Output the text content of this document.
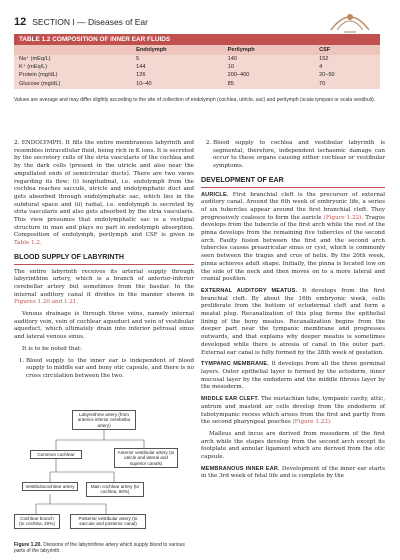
12 SECTION I — Diseases of Ear
TABLE 1.2 COMPOSITION OF INNER EAR FLUIDS
	Endolymph	Perilymph	CSF
Na⁺ (mEq/L)	5	140	152
K⁺ (mEq/L)	144	10	4
Protein (mg/dL)	126	200–400	20–50
Glucose (mg/dL)	10–40	85	70
Values are average and may differ slightly according to the site of collection of endolymph (cochlea, utricle, sac) and perilymph (scala tympani or scala vestibuli).

2. ENDOLYMPH. It fills the entire membranous labyrinth and resembles intracellular fluid, being rich in K ions. It is secreted by the secretory cells of the stria vascularis of the cochlea and by the dark cells (present in the utricle and also near the ampullated ends of semicircular ducts). There are two views regarding its flow: (i) longitudinal, i.e. endolymph from the cochlea reaches saccule, utricle and endolymphatic duct and gets absorbed through endolymphatic sac, which lies in the subdural space and (ii) radial, i.e. endolymph is secreted by stria vascularis and also gets absorbed by the stria vascularis. This view presumes that endolymphatic sac is a vestigial structure in man and plays no part in endolymph absorption. Composition of endolymph, perilymph and CSF is given in Table 1.2.

BLOOD SUPPLY OF LABYRINTH

The entire labyrinth receives its arterial supply through labyrinthine artery, which is a branch of anterior-inferior cerebellar artery but sometimes from the basilar. In the internal auditory canal it divides in the manner shown in Figures 1.20 and 1.21.

Venous drainage is through three veins, namely internal auditory vein, vein of cochlear aqueduct and vein of vestibular aqueduct, which ultimately drain into inferior petrosal sinus and lateral venous sinus.

It is to be noted that:

1. Blood supply to the inner ear is independent of blood supply to middle ear and bony otic capsule, and there is no cross circulation between the two.
Labyrinthine artery (from anterior-inferior cerebellar artery)
Common cochlear	Anterior vestibular artery (to utricle and lateral and superior canals)
Vestibulocochlear artery	Main cochlear artery (to cochlea, 80%)
Cochlear branch (to cochlea, 20%)
Posterior vestibular artery (to saccule and posterior canal)
Figure 1.20. Divisions of the labyrinthine artery which supply blood to various parts of the labyrinth.
2. Blood supply to cochlea and vestibular labyrinth is segmental, therefore, independent ischaemic damage can occur to these organs causing either cochlear or vestibular symptoms.
DEVELOPMENT OF EAR

AURICLE. First branchial cleft is the precursor of external auditory canal. Around the 6th week of embryonic life, a series of six tubercles appear around the first branchial cleft. They progressively coalesce to form the auricle (Figure 1.22). Tragus develops from the tubercle of the first arch while the rest of the pinna develops from the remaining five tubercles of the second arch. Faulty fusion between the first and the second arch tubercles causes preauricular sinus or cyst, which is commonly seen between the tragus and crus of helix. By the 20th week, pinna achieves adult shape. Initially, the pinna is located low on the side of the neck and then moves on to a more lateral and cranial position.

EXTERNAL AUDITORY MEATUS. It develops from the first branchial cleft. By about the 16th embryonic week, cells proliferate from the bottom of ectodermal cleft and form a meatal plug. Recanalization of this plug forms the epithelial lining of the bony meatus. Recanalization begins from the deeper part near the tympanic membrane and progresses outwards, and that explains why deeper meatus is sometimes developed while there is atresia of canal in the outer part. External ear canal is fully formed by the 28th week of gestation.

TYMPANIC MEMBRANE. It develops from all the three germinal layers. Outer epithelial layer is formed by the ectoderm, inner mucosal layer by the endoderm and the middle fibrous layer by the mesoderm.

MIDDLE EAR CLEFT. The eustachian tube, tympanic cavity, attic, antrum and mastoid air cells develop from the endoderm of tubotympanic recess which arises from the first and partly from the second pharyngeal pouches (Figure 1.23).

Malleus and incus are derived from mesoderm of the first arch while the stapes develop from the second arch except its footplate and annular ligament which are derived from the otic capsule.

MEMBRANOUS INNER EAR. Development of the inner ear starts in the 3rd week of fetal life and is complete by the
